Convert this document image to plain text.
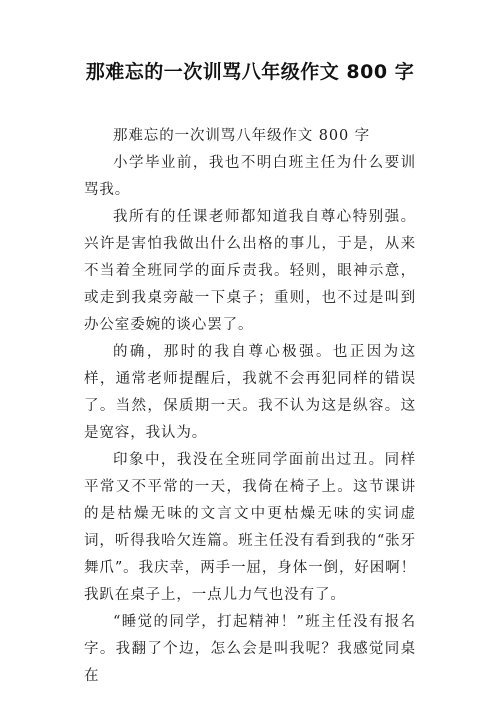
那难忘的一次训骂八年级作文 800 字

那难忘的一次训骂八年级作文 800 字

小学毕业前，我也不明白班主任为什么要训骂我。

我所有的任课老师都知道我自尊心特别强。兴许是害怕我做出什么出格的事儿，于是，从来不当着全班同学的面斥责我。轻则，眼神示意，或走到我桌旁敲一下桌子；重则，也不过是叫到办公室委婉的谈心罢了。

的确，那时的我自尊心极强。也正因为这样，通常老师提醒后，我就不会再犯同样的错误了。当然，保质期一天。我不认为这是纵容。这是宽容，我认为。

印象中，我没在全班同学面前出过丑。同样平常又不平常的一天，我倚在椅子上。这节课讲的是枯燥无味的文言文中更枯燥无味的实词虚词，听得我哈欠连篇。班主任没有看到我的“张牙舞爪”。我庆幸，两手一屈，身体一倒，好困啊！我趴在桌子上，一点儿力气也没有了。

“睡觉的同学，打起精神！”班主任没有报名字。我翻了个边，怎么会是叫我呢？我感觉同桌在
